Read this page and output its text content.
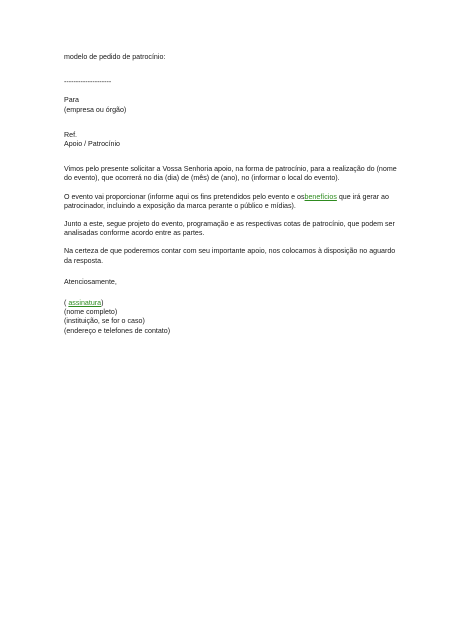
modelo de pedido de patrocínio:
--------------------
Para
(empresa ou órgão)
Ref.
Apoio / Patrocínio
Vimos pelo presente solicitar a Vossa Senhoria apoio, na forma de patrocínio, para a realização do (nome do evento), que ocorrerá no dia (dia) de (mês) de (ano), no (informar o local do evento).
O evento vai proporcionar (informe aqui os fins pretendidos pelo evento e osbenefícios que irá gerar ao patrocinador, incluindo a exposição da marca perante o público e mídias).
Junto a este, segue projeto do evento, programação e as respectivas cotas de patrocínio, que podem ser analisadas conforme acordo entre as partes.
Na certeza de que poderemos contar com seu importante apoio, nos colocamos à disposição no aguardo da resposta.
Atenciosamente,
( assinatura)
(nome completo)
(instituição, se for o caso)
(endereço e telefones de contato)
